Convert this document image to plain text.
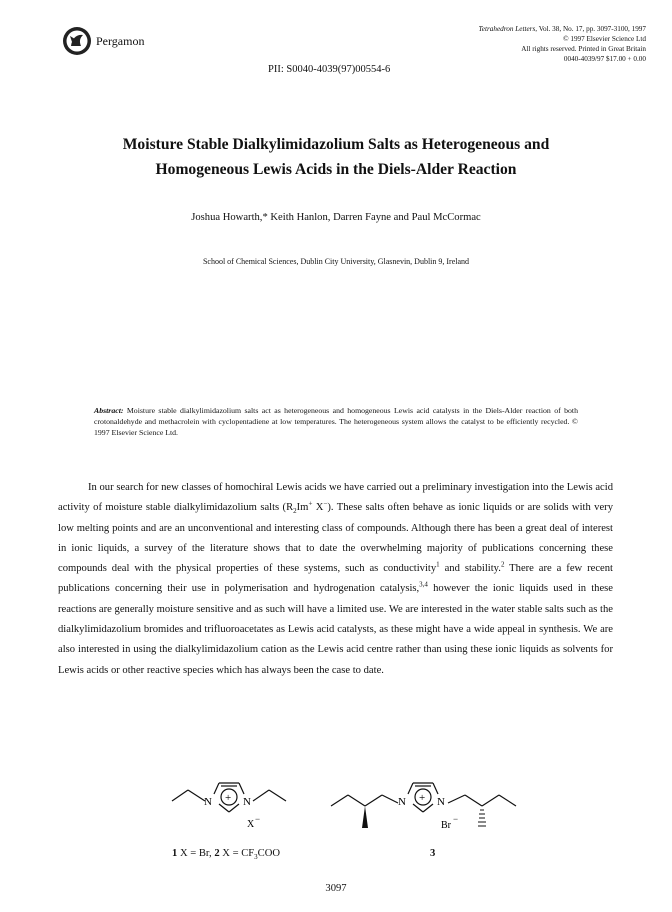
Pergamon
Tetrahedron Letters, Vol. 38, No. 17, pp. 3097-3100, 1997
© 1997 Elsevier Science Ltd
All rights reserved. Printed in Great Britain
0040-4039/97 $17.00 + 0.00
PII: S0040-4039(97)00554-6
Moisture Stable Dialkylimidazolium Salts as Heterogeneous and
Homogeneous Lewis Acids in the Diels-Alder Reaction
Joshua Howarth,* Keith Hanlon, Darren Fayne and Paul McCormac
School of Chemical Sciences, Dublin City University, Glasnevin, Dublin 9, Ireland
Abstract: Moisture stable dialkylimidazolium salts act as heterogeneous and homogeneous Lewis acid catalysts in the Diels-Alder reaction of both crotonaldehyde and methacrolein with cyclopentadiene at low temperatures. The heterogeneous system allows the catalyst to be efficiently recycled. © 1997 Elsevier Science Ltd.
In our search for new classes of homochiral Lewis acids we have carried out a preliminary investigation into the Lewis acid activity of moisture stable dialkylimidazolium salts ($R_2Im^+$ X−). These salts often behave as ionic liquids or are solids with very low melting points and are an unconventional and interesting class of compounds. Although there has been a great deal of interest in ionic liquids, a survey of the literature shows that to date the overwhelming majority of publications concerning these compounds deal with the physical properties of these systems, such as conductivity$^1$ and stability.$^2$ There are a few recent publications concerning their use in polymerisation and hydrogenation catalysis,$^{3,4}$ however the ionic liquids used in these reactions are generally moisture sensitive and as such will have a limited use. We are interested in the water stable salts such as the dialkylimidazolium bromides and trifluoroacetates as Lewis acid catalysts, as these might have a wide appeal in synthesis. We are also interested in using the dialkylimidazolium cation as the Lewis acid centre rather than using these ionic liquids as solvents for Lewis acids or other reactive species which has always been the case to date.
N	N
+
X −
N	N
+
Br
−
1 X = Br, 2 $X = CF_3COO$	3
3097
